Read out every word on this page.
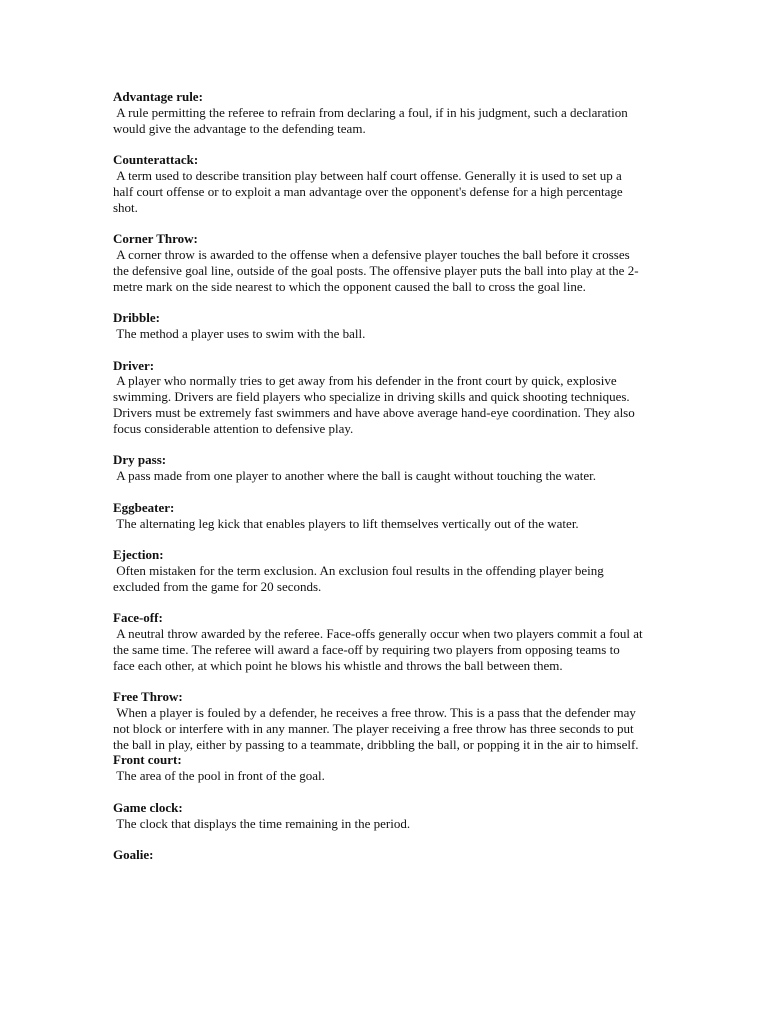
Advantage rule:

A rule permitting the referee to refrain from declaring a foul, if in his judgment, such a declaration would give the advantage to the defending team.

Counterattack:

A term used to describe transition play between half court offense. Generally it is used to set up a half court offense or to exploit a man advantage over the opponent's defense for a high percentage shot.

Corner Throw:

A corner throw is awarded to the offense when a defensive player touches the ball before it crosses the defensive goal line, outside of the goal posts. The offensive player puts the ball into play at the 2-metre mark on the side nearest to which the opponent caused the ball to cross the goal line.

Dribble:

The method a player uses to swim with the ball.

Driver:

A player who normally tries to get away from his defender in the front court by quick, explosive swimming. Drivers are field players who specialize in driving skills and quick shooting techniques. Drivers must be extremely fast swimmers and have above average hand-eye coordination. They also focus considerable attention to defensive play.

Dry pass:

A pass made from one player to another where the ball is caught without touching the water.

Eggbeater:

The alternating leg kick that enables players to lift themselves vertically out of the water.

Ejection:

Often mistaken for the term exclusion. An exclusion foul results in the offending player being excluded from the game for 20 seconds.

Face-off:

A neutral throw awarded by the referee. Face-offs generally occur when two players commit a foul at the same time. The referee will award a face-off by requiring two players from opposing teams to face each other, at which point he blows his whistle and throws the ball between them.

Free Throw:

When a player is fouled by a defender, he receives a free throw. This is a pass that the defender may not block or interfere with in any manner. The player receiving a free throw has three seconds to put the ball in play, either by passing to a teammate, dribbling the ball, or popping it in the air to himself.

Front court:

The area of the pool in front of the goal.

Game clock:

The clock that displays the time remaining in the period.

Goalie:
